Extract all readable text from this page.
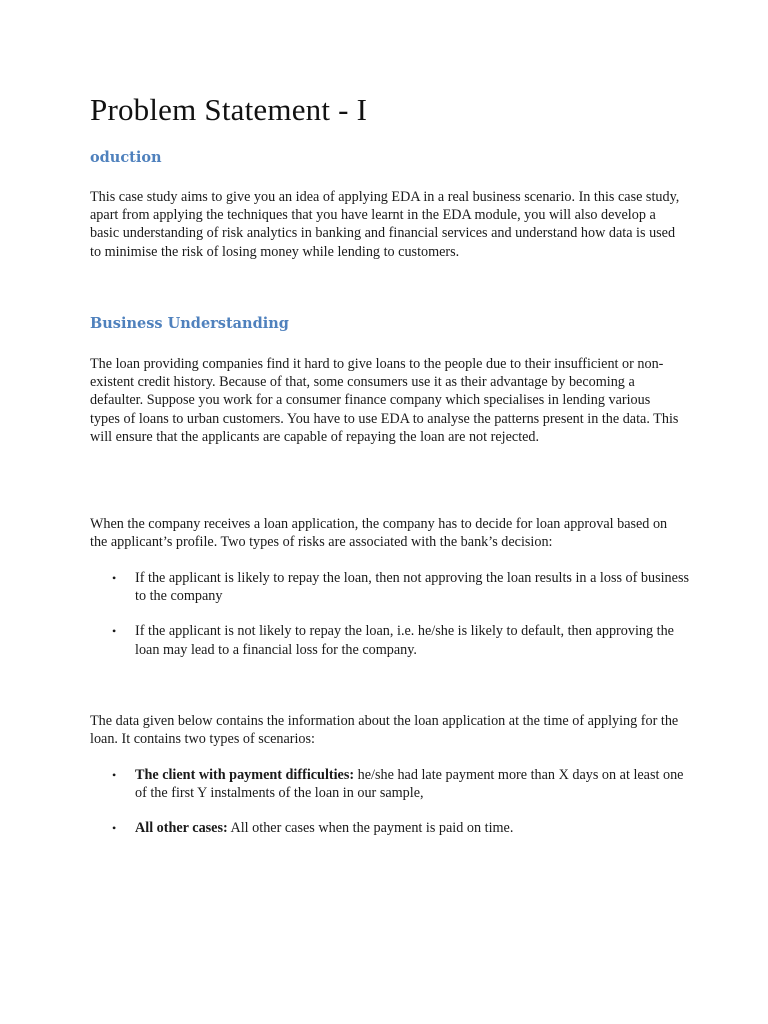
Problem Statement - I
oduction

This case study aims to give you an idea of applying EDA in a real business scenario. In this case study, apart from applying the techniques that you have learnt in the EDA module, you will also develop a basic understanding of risk analytics in banking and financial services and understand how data is used to minimise the risk of losing money while lending to customers.

Business Understanding

The loan providing companies find it hard to give loans to the people due to their insufficient or non-existent credit history. Because of that, some consumers use it as their advantage by becoming a defaulter. Suppose you work for a consumer finance company which specialises in lending various types of loans to urban customers. You have to use EDA to analyse the patterns present in the data. This will ensure that the applicants are capable of repaying the loan are not rejected.

When the company receives a loan application, the company has to decide for loan approval based on the applicant’s profile. Two types of risks are associated with the bank’s decision:

• If the applicant is likely to repay the loan, then not approving the loan results in a loss of business to the company
• If the applicant is not likely to repay the loan, i.e. he/she is likely to default, then approving the loan may lead to a financial loss for the company.

The data given below contains the information about the loan application at the time of applying for the loan. It contains two types of scenarios:

• The client with payment difficulties: he/she had late payment more than X days on at least one of the first Y instalments of the loan in our sample,
• All other cases: All other cases when the payment is paid on time.
